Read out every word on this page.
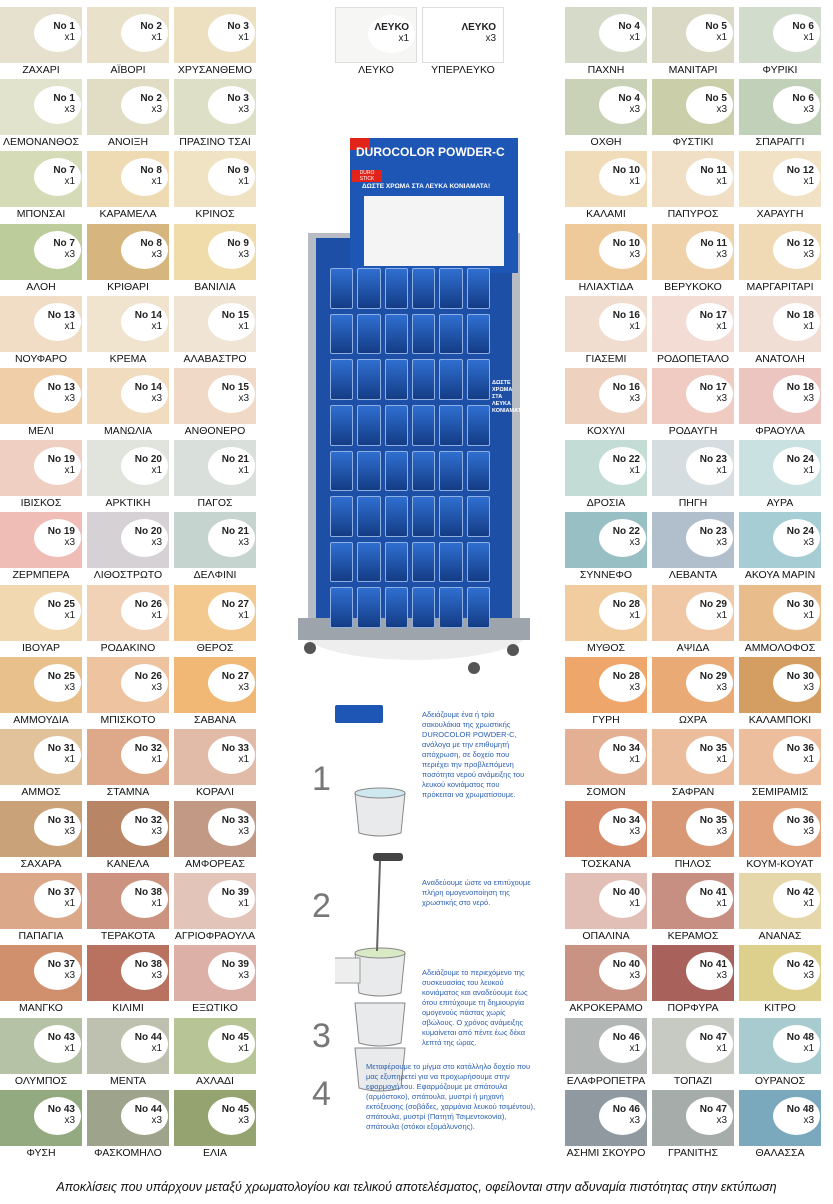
No 1
x1
ΖΑΧΑΡΙ
No 2
x1
ΑΪΒΟΡΙ
No 3
x1
ΧΡΥΣΑΝΘΕΜΟ
No 1
x3
ΛΕΜΟΝΑΝΘΟΣ
No 2
x3
ΑΝΟΙΞΗ
No 3
x3
ΠΡΑΣΙΝΟ ΤΣΑΙ
No 7
x1
ΜΠΟΝΣΑΙ
No 8
x1
ΚΑΡΑΜΕΛΑ
No 9
x1
ΚΡΙΝΟΣ
No 7
x3
ΑΛΟΗ
No 8
x3
ΚΡΙΘΑΡΙ
No 9
x3
ΒΑΝΙΛΙΑ
No 13
x1
ΝΟΥΦΑΡΟ
No 14
x1
ΚΡΕΜΑ
No 15
x1
ΑΛΑΒΑΣΤΡΟ
No 13
x3
ΜΕΛΙ
No 14
x3
ΜΑΝΩΛΙΑ
No 15
x3
ΑΝΘΟΝΕΡΟ
No 19
x1
ΙΒΙΣΚΟΣ
No 20
x1
ΑΡΚΤΙΚΗ
No 21
x1
ΠΑΓΟΣ
No 19
x3
ΖΕΡΜΠΕΡΑ
No 20
x3
ΛΙΘΟΣΤΡΩΤΟ
No 21
x3
ΔΕΛΦΙΝΙ
No 25
x1
ΙΒΟΥΑΡ
No 26
x1
ΡΟΔΑΚΙΝΟ
No 27
x1
ΘΕΡΟΣ
No 25
x3
ΑΜΜΟΥΔΙΑ
No 26
x3
ΜΠΙΣΚΟΤΟ
No 27
x3
ΣΑΒΑΝΑ
No 31
x1
ΑΜΜΟΣ
No 32
x1
ΣΤΑΜΝΑ
No 33
x1
ΚΟΡΑΛΙ
No 31
x3
ΣΑΧΑΡΑ
No 32
x3
ΚΑΝΕΛΑ
No 33
x3
ΑΜΦΟΡΕΑΣ
No 37
x1
ΠΑΠΑΓΙΑ
No 38
x1
ΤΕΡΑΚΟΤΑ
No 39
x1
ΑΓΡΙΟΦΡΑΟΥΛΑ
No 37
x3
ΜΑΝΓΚΟ
No 38
x3
ΚΙΛΙΜΙ
No 39
x3
ΕΞΩΤΙΚΟ
No 43
x1
ΟΛΥΜΠΟΣ
No 44
x1
ΜΕΝΤΑ
No 45
x1
ΑΧΛΑΔΙ
No 43
x3
ΦΥΣΗ
No 44
x3
ΦΑΣΚΟΜΗΛΟ
No 45
x3
ΕΛΙΑ
No 4
x1
ΠΑΧΝΗ
No 5
x1
ΜΑΝΙΤΑΡΙ
No 6
x1
ΦΥΡΙΚΙ
No 4
x3
ΟΧΘΗ
No 5
x3
ΦΥΣΤΙΚΙ
No 6
x3
ΣΠΑΡΑΓΓΙ
No 10
x1
ΚΑΛΑΜΙ
No 11
x1
ΠΑΠΥΡΟΣ
No 12
x1
ΧΑΡΑΥΓΗ
No 10
x3
ΗΛΙΑΧΤΙΔΑ
No 11
x3
ΒΕΡΥΚΟΚΟ
No 12
x3
ΜΑΡΓΑΡΙΤΑΡΙ
No 16
x1
ΓΙΑΣΕΜΙ
No 17
x1
ΡΟΔΟΠΕΤΑΛΟ
No 18
x1
ΑΝΑΤΟΛΗ
No 16
x3
ΚΟΧΥΛΙ
No 17
x3
ΡΟΔΑΥΓΗ
No 18
x3
ΦΡΑΟΥΛΑ
No 22
x1
ΔΡΟΣΙΑ
No 23
x1
ΠΗΓΗ
No 24
x1
ΑΥΡΑ
No 22
x3
ΣΥΝΝΕΦΟ
No 23
x3
ΛΕΒΑΝΤΑ
No 24
x3
ΑΚΟΥΑ ΜΑΡΙΝ
No 28
x1
ΜΥΘΟΣ
No 29
x1
ΑΨΙΔΑ
No 30
x1
ΑΜΜΟΛΟΦΟΣ
No 28
x3
ΓΥΡΗ
No 29
x3
ΩΧΡΑ
No 30
x3
ΚΑΛΑΜΠΟΚΙ
No 34
x1
ΣΟΜΟΝ
No 35
x1
ΣΑΦΡΑΝ
No 36
x1
ΣΕΜΙΡΑΜΙΣ
No 34
x3
ΤΟΣΚΑΝΑ
No 35
x3
ΠΗΛΟΣ
No 36
x3
ΚΟΥΜ-ΚΟΥΑΤ
No 40
x1
ΟΠΑΛΙΝΑ
No 41
x1
ΚΕΡΑΜΟΣ
No 42
x1
ΑΝΑΝΑΣ
No 40
x3
ΑΚΡΟΚΕΡΑΜΟ
No 41
x3
ΠΟΡΦΥΡΑ
No 42
x3
ΚΙΤΡΟ
No 46
x1
ΕΛΑΦΡΟΠΕΤΡΑ
No 47
x1
ΤΟΠΑΖΙ
No 48
x1
ΟΥΡΑΝΟΣ
No 46
x3
ΑΣΗΜΙ ΣΚΟΥΡΟ
No 47
x3
ΓΡΑΝΙΤΗΣ
No 48
x3
ΘΑΛΑΣΣΑ
ΛΕΥΚΟ
x1
ΛΕΥΚΟ
ΛΕΥΚΟ
x3
ΥΠΕΡΛΕΥΚΟ
DUROCOLOR POWDER-C
ΔΩΣΤΕ ΧΡΩΜΑ ΣΤΑ ΛΕΥΚΑ ΚΟΝΙΑΜΑΤΑ!
DURO STICK
ΔΩΣΤΕ ΧΡΩΜΑ ΣΤΑ ΛΕΥΚΑ ΚΟΝΙΑΜΑΤΑ
1
Αδειάζουμε ένα ή τρία σακουλάκια της χρωστικής DUROCOLOR POWDER-C, ανάλογα με την επιθυμητή απόχρωση, σε δοχείο που περιέχει την προβλεπόμενη ποσότητα νερού ανάμειξης του λευκού κονιάματος που πρόκειται να χρωματίσουμε.
2
Αναδεύουμε ώστε να επιτύχουμε πλήρη ομογενοποίηση της χρωστικής στο νερό.
3
Αδειάζουμε το περιεχόμενο της συσκευασίας του λευκού κονιάματος και αναδεύουμε έως ότου επιτύχουμε τη δημιουργία ομογενούς πάστας χωρίς σβώλους. Ο χρόνος ανάμειξης κυμαίνεται από πέντε έως δέκα λεπτά της ώρας.
4
Μεταφέρουμε το μίγμα στο κατάλληλο δοχείο που μας εξυπηρετεί για να προχωρήσουμε στην εφαρμογή του. Εφαρμόζουμε με σπάτουλα (αρμόστοκο), σπάτουλα, μυστρί ή μηχανή εκτόξευσης (σοβάδες, χαρμάνια λευκού τσιμέντου), σπάτουλα, μυστρί (Πατητή Τσιμεντοκονία), σπάτουλα (στόκοι εξομάλυνσης).
Αποκλίσεις που υπάρχουν μεταξύ χρωματολογίου και τελικού αποτελέσματος, οφείλονται στην αδυναμία πιστότητας στην εκτύπωση
